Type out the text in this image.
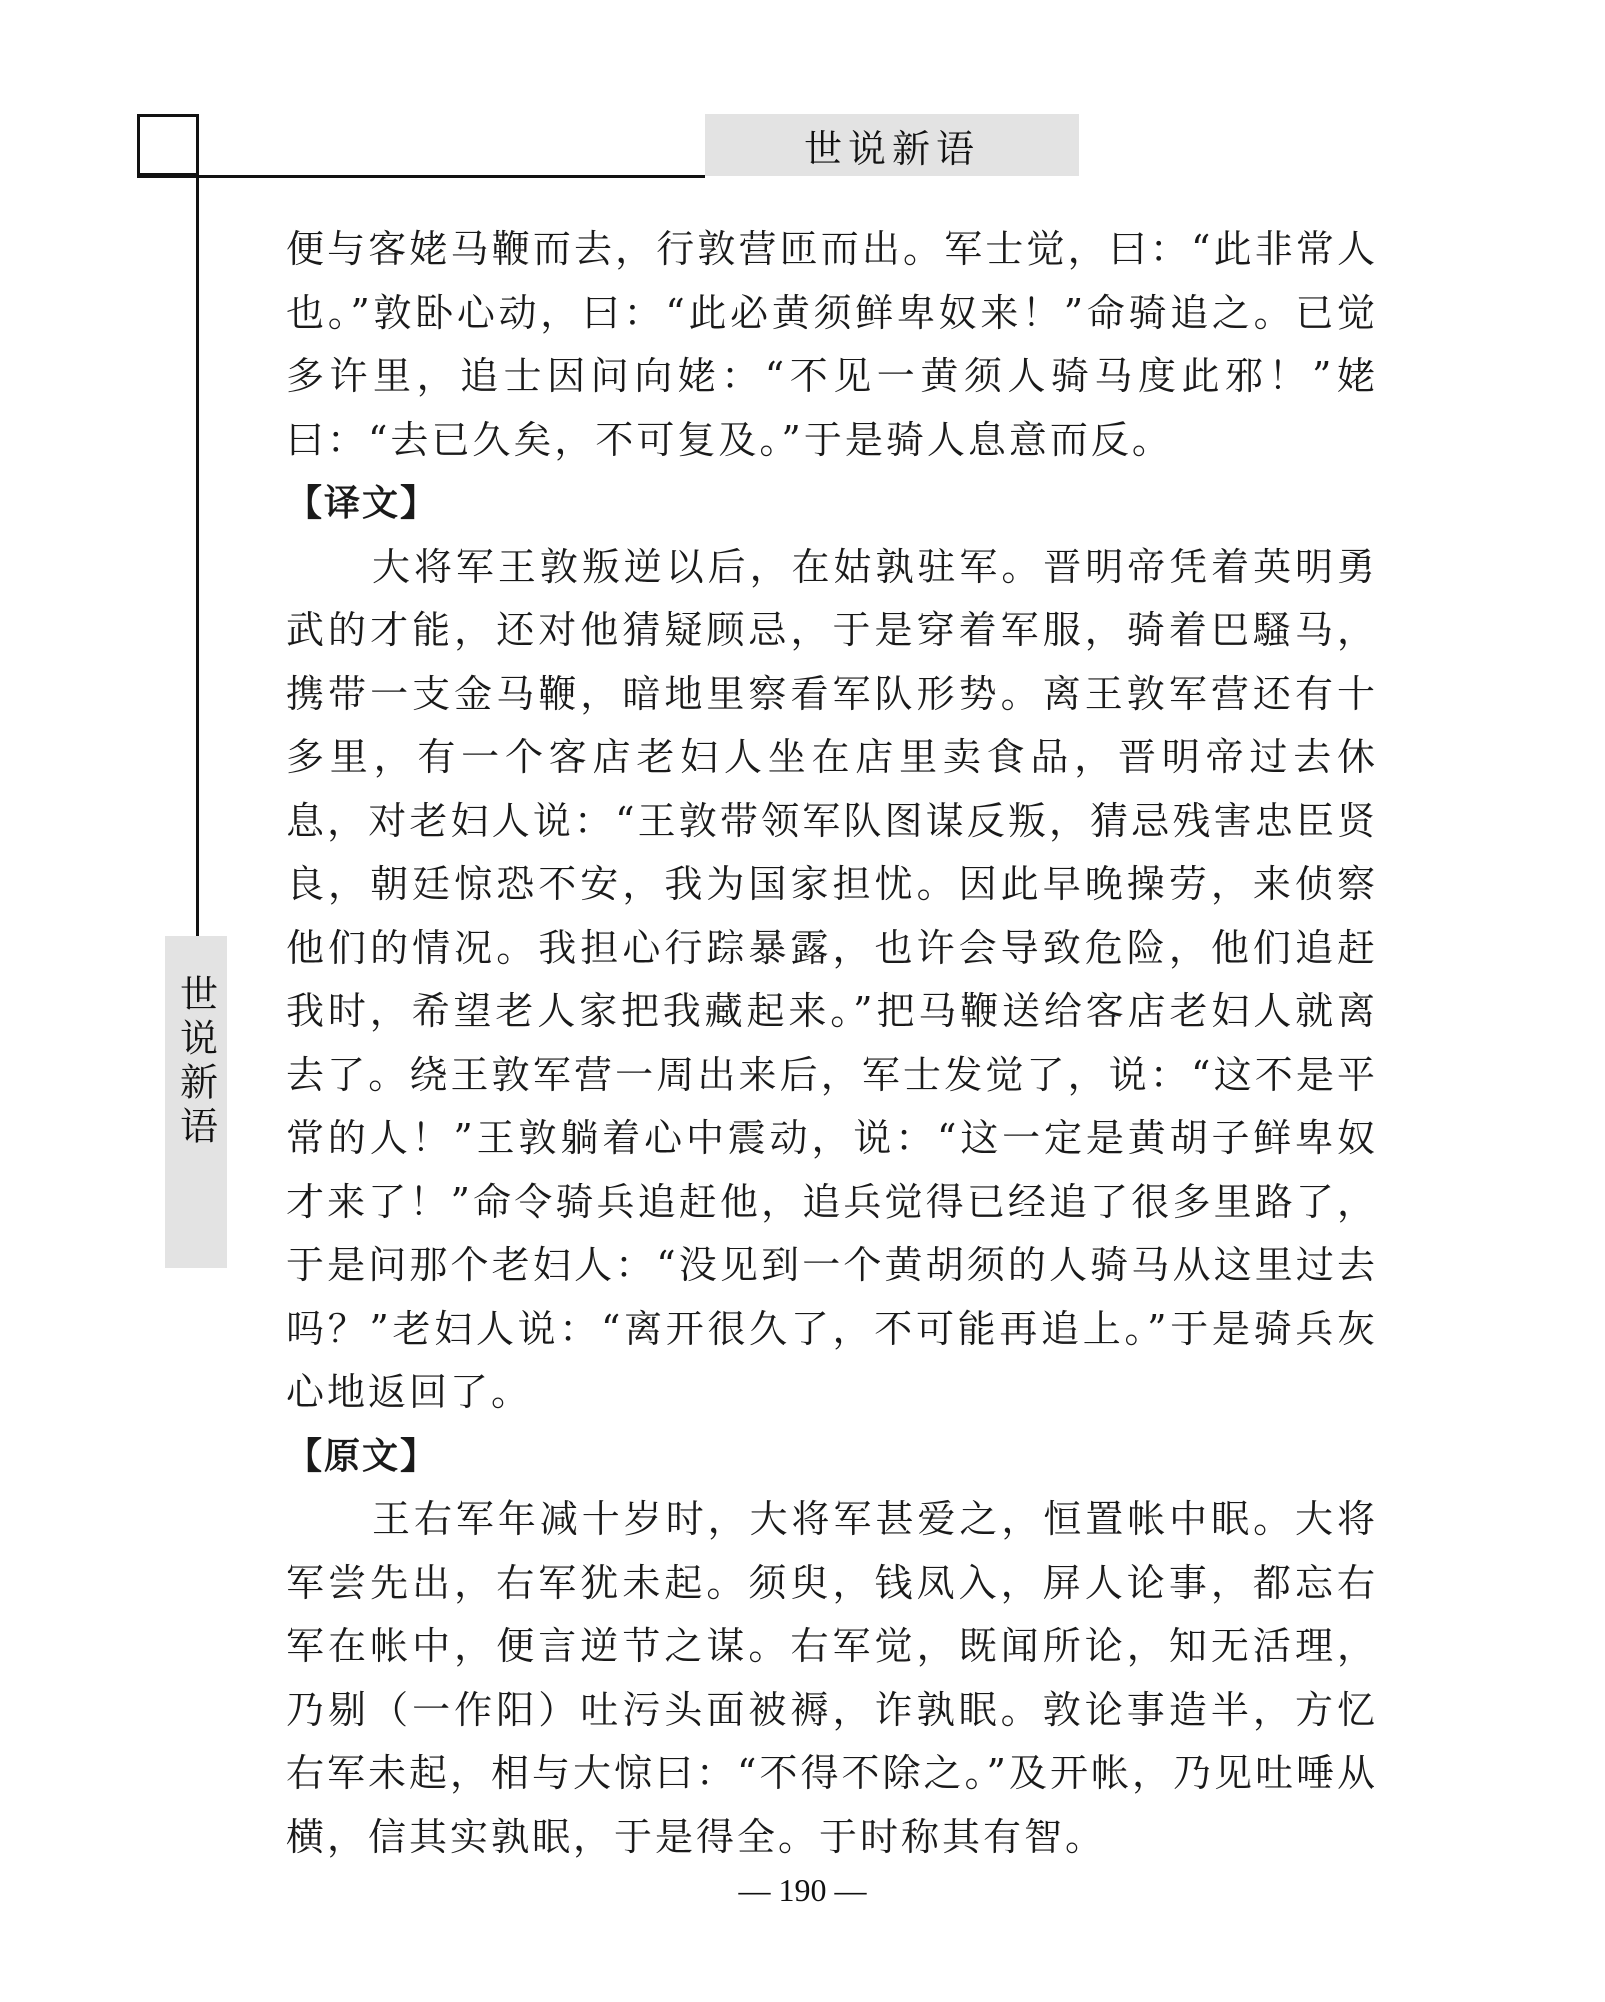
世说新语
世说新语

便与客姥马鞭而去，行敦营匝而出。军士觉，曰：“此非常人也。”敦卧心动，曰：“此必黄须鲜卑奴来！”命骑追之。已觉多许里，追士因问向姥：“不见一黄须人骑马度此邪！”姥曰：“去已久矣，不可复及。”于是骑人息意而反。

【译文】

大将军王敦叛逆以后，在姑孰驻军。晋明帝凭着英明勇武的才能，还对他猜疑顾忌，于是穿着军服，骑着巴騷马，携带一支金马鞭，暗地里察看军队形势。离王敦军营还有十多里，有一个客店老妇人坐在店里卖食品，晋明帝过去休息，对老妇人说：“王敦带领军队图谋反叛，猜忌残害忠臣贤良，朝廷惊恐不安，我为国家担忧。因此早晚操劳，来侦察他们的情况。我担心行踪暴露，也许会导致危险，他们追赶我时，希望老人家把我藏起来。”把马鞭送给客店老妇人就离去了。绕王敦军营一周出来后，军士发觉了，说：“这不是平常的人！”王敦躺着心中震动，说：“这一定是黄胡子鲜卑奴才来了！”命令骑兵追赶他，追兵觉得已经追了很多里路了，于是问那个老妇人：“没见到一个黄胡须的人骑马从这里过去吗？”老妇人说：“离开很久了，不可能再追上。”于是骑兵灰心地返回了。

【原文】

王右军年减十岁时，大将军甚爱之，恒置帐中眠。大将军尝先出，右军犹未起。须臾，钱凤入，屏人论事，都忘右军在帐中，便言逆节之谋。右军觉，既闻所论，知无活理，乃剔（一作阳）吐污头面被褥，诈孰眠。敦论事造半，方忆右军未起，相与大惊曰：“不得不除之。”及开帐，乃见吐唾从横，信其实孰眠，于是得全。于时称其有智。

— 190 —
